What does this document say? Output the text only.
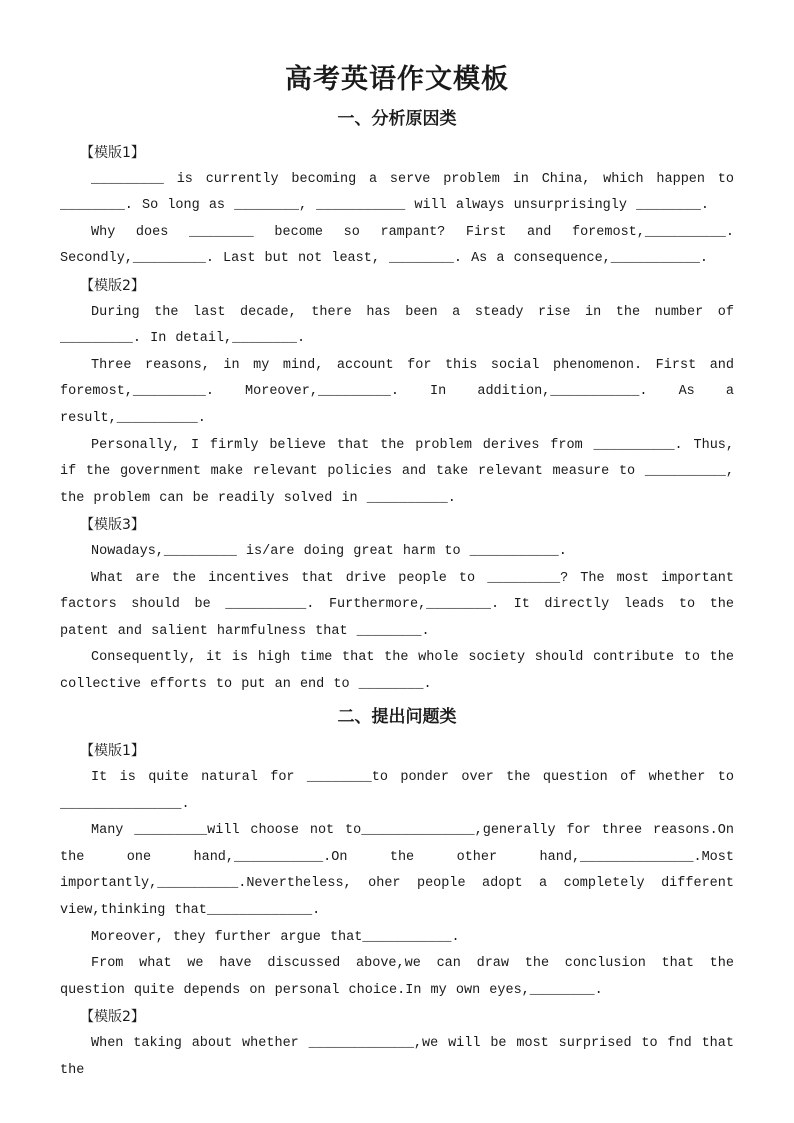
高考英语作文模板
一、分析原因类
【模版1】

_________ is currently becoming a serve problem in China, which happen to ________. So long as ________, ___________ will always unsurprisingly ________.

Why does ________ become so rampant? First and foremost,__________. Secondly,_________. Last but not least, ________. As a consequence,___________.

【模版2】

During the last decade, there has been a steady rise in the number of _________. In detail,________.

Three reasons, in my mind, account for this social phenomenon. First and foremost,_________. Moreover,_________. In addition,___________. As a result,__________.

Personally, I firmly believe that the problem derives from __________. Thus, if the government make relevant policies and take relevant measure to __________, the problem can be readily solved in __________.

【模版3】

Nowadays,_________ is/are doing great harm to ___________.

What are the incentives that drive people to _________? The most important factors should be __________. Furthermore,________. It directly leads to the patent and salient harmfulness that ________.

Consequently, it is high time that the whole society should contribute to the collective efforts to put an end to ________.

二、提出问题类
【模版1】

It is quite natural for ________to ponder over the question of whether to _______________.

Many _________will choose not to______________,generally for three reasons.On the one hand,___________.On the other hand,______________.Most importantly,__________.Nevertheless, oher people adopt a completely different view,thinking that_____________.

Moreover, they further argue that___________.

From what we have discussed above,we can draw the conclusion that the question quite depends on personal choice.In my own eyes,________.

【模版2】

When taking about whether _____________,we will be most surprised to fnd that the
